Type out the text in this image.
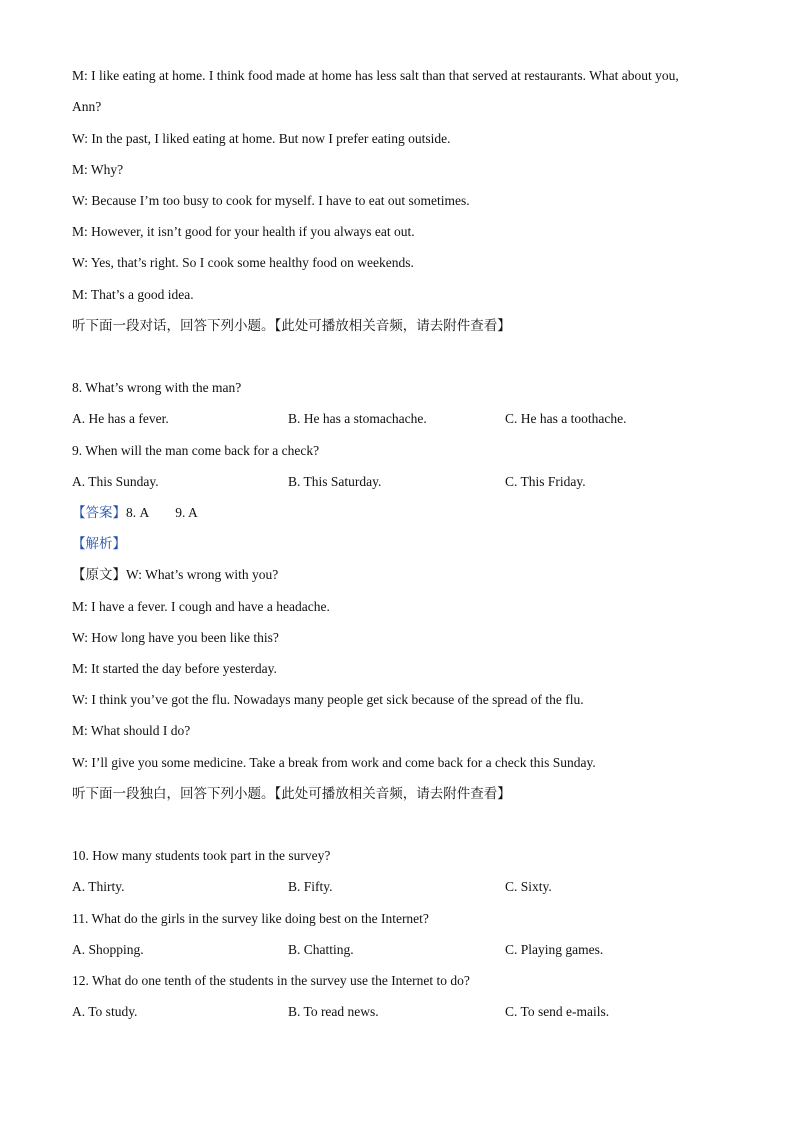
M: I like eating at home. I think food made at home has less salt than that served at restaurants. What about you,
Ann?
W: In the past, I liked eating at home. But now I prefer eating outside.
M: Why?
W: Because I’m too busy to cook for myself. I have to eat out sometimes.
M: However, it isn’t good for your health if you always eat out.
W: Yes, that’s right. So I cook some healthy food on weekends.
M: That’s a good idea.
听下面一段对话，回答下列小题。【此处可播放相关音频，请去附件查看】
8. What’s wrong with the man?
A. He has a fever.	B. He has a stomachache.	C. He has a toothache.
9. When will the man come back for a check?
A. This Sunday.	B. This Saturday.	C. This Friday.
【答案】8. A 9. A
【解析】
【原文】W: What’s wrong with you?
M: I have a fever. I cough and have a headache.
W: How long have you been like this?
M: It started the day before yesterday.
W: I think you’ve got the flu. Nowadays many people get sick because of the spread of the flu.
M: What should I do?
W: I’ll give you some medicine. Take a break from work and come back for a check this Sunday.
听下面一段独白，回答下列小题。【此处可播放相关音频，请去附件查看】
10. How many students took part in the survey?
A. Thirty.	B. Fifty.	C. Sixty.
11. What do the girls in the survey like doing best on the Internet?
A. Shopping.	B. Chatting.	C. Playing games.
12. What do one tenth of the students in the survey use the Internet to do?
A. To study.	B. To read news.	C. To send e-mails.
